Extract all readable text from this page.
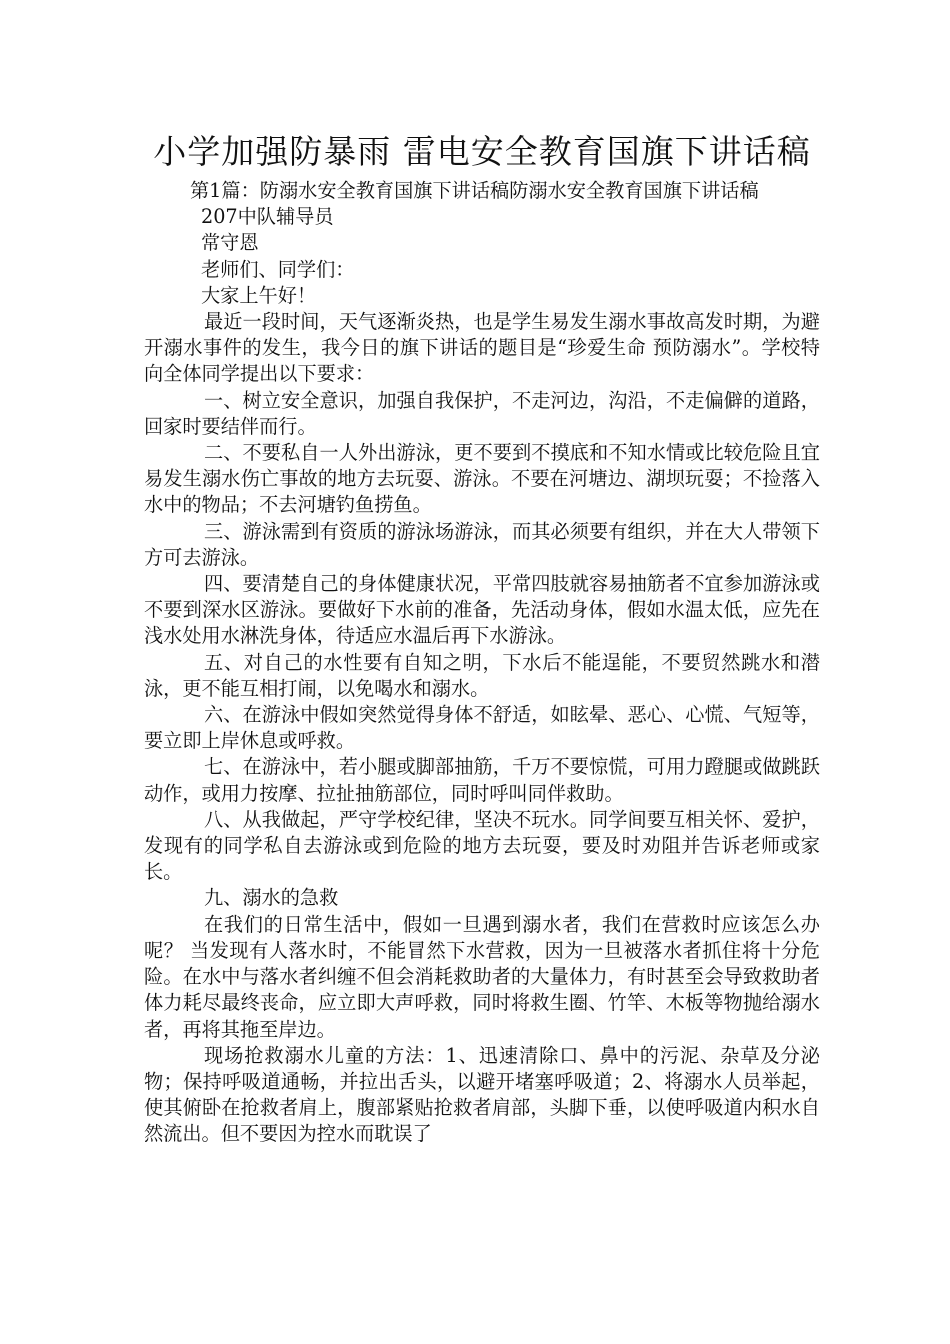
小学加强防暴雨 雷电安全教育国旗下讲话稿

第1篇：防溺水安全教育国旗下讲话稿防溺水安全教育国旗下讲话稿

207中队辅导员

常守恩

老师们、同学们：

大家上午好！

最近一段时间，天气逐渐炎热，也是学生易发生溺水事故高发时期，为避开溺水事件的发生，我今日的旗下讲话的题目是“珍爱生命 预防溺水”。学校特向全体同学提出以下要求：

一、树立安全意识，加强自我保护，不走河边，沟沿，不走偏僻的道路，回家时要结伴而行。

二、不要私自一人外出游泳，更不要到不摸底和不知水情或比较危险且宜易发生溺水伤亡事故的地方去玩耍、游泳。不要在河塘边、湖坝玩耍；不捡落入水中的物品；不去河塘钓鱼捞鱼。

三、游泳需到有资质的游泳场游泳，而其必须要有组织，并在大人带领下方可去游泳。

四、要清楚自己的身体健康状况，平常四肢就容易抽筋者不宜参加游泳或不要到深水区游泳。要做好下水前的准备，先活动身体，假如水温太低，应先在浅水处用水淋洗身体，待适应水温后再下水游泳。

五、对自己的水性要有自知之明，下水后不能逞能，不要贸然跳水和潜泳，更不能互相打闹，以免喝水和溺水。

六、在游泳中假如突然觉得身体不舒适，如眩晕、恶心、心慌、气短等，要立即上岸休息或呼救。

七、在游泳中，若小腿或脚部抽筋，千万不要惊慌，可用力蹬腿或做跳跃动作，或用力按摩、拉扯抽筋部位，同时呼叫同伴救助。

八、从我做起，严守学校纪律，坚决不玩水。同学间要互相关怀、爱护，发现有的同学私自去游泳或到危险的地方去玩耍，要及时劝阻并告诉老师或家长。

九、溺水的急救

在我们的日常生活中，假如一旦遇到溺水者，我们在营救时应该怎么办呢？ 当发现有人落水时，不能冒然下水营救，因为一旦被落水者抓住将十分危险。在水中与落水者纠缠不但会消耗救助者的大量体力，有时甚至会导致救助者体力耗尽最终丧命，应立即大声呼救，同时将救生圈、竹竿、木板等物抛给溺水者，再将其拖至岸边。

现场抢救溺水儿童的方法：1、迅速清除口、鼻中的污泥、杂草及分泌物；保持呼吸道通畅，并拉出舌头，以避开堵塞呼吸道；2、将溺水人员举起，使其俯卧在抢救者肩上，腹部紧贴抢救者肩部，头脚下垂，以使呼吸道内积水自然流出。但不要因为控水而耽误了
